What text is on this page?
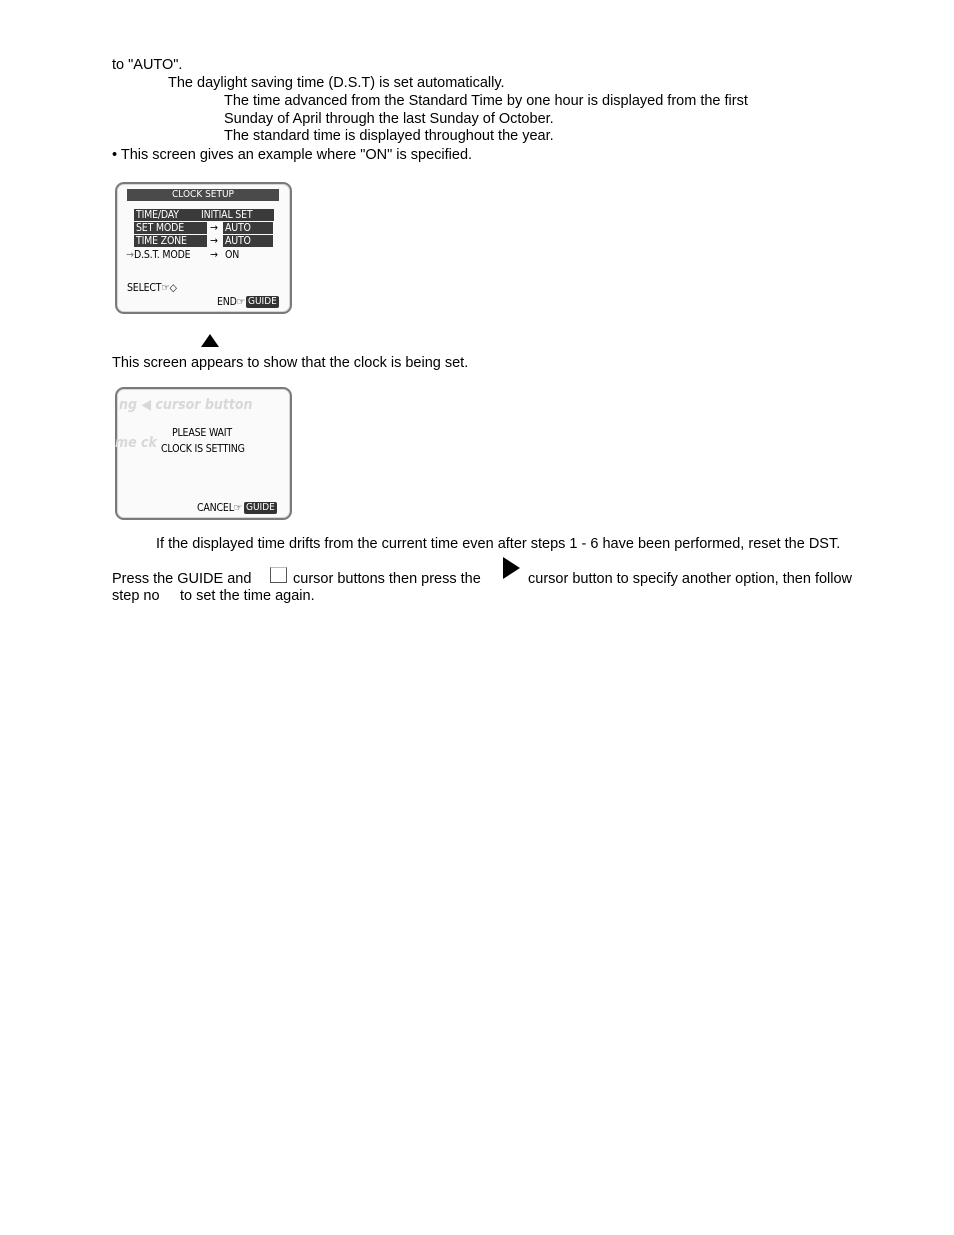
to "AUTO".
The daylight saving time (D.S.T) is set automatically.
The time advanced from the Standard Time by one hour is displayed from the first
Sunday of April through the last Sunday of October.
The standard time is displayed throughout the year.
• This screen gives an example where "ON" is specified.
CLOCK SETUP
TIME/DAY	INITIAL SET
SET MODE	→ AUTO
TIME ZONE	→ AUTO
→ D.S.T. MODE → ON
SELECT☞◇
END☞ GUIDE
This screen appears to show that the clock is being set.
ng ◀ cursor button
me ck
PLEASE WAIT
CLOCK IS SETTING
CANCEL☞ GUIDE
If the displayed time drifts from the current time even after steps 1 - 6 have been performed, reset the DST.
Press the GUIDE and	cursor buttons then press the	cursor button to specify another option, then follow
step no to set the time again.
